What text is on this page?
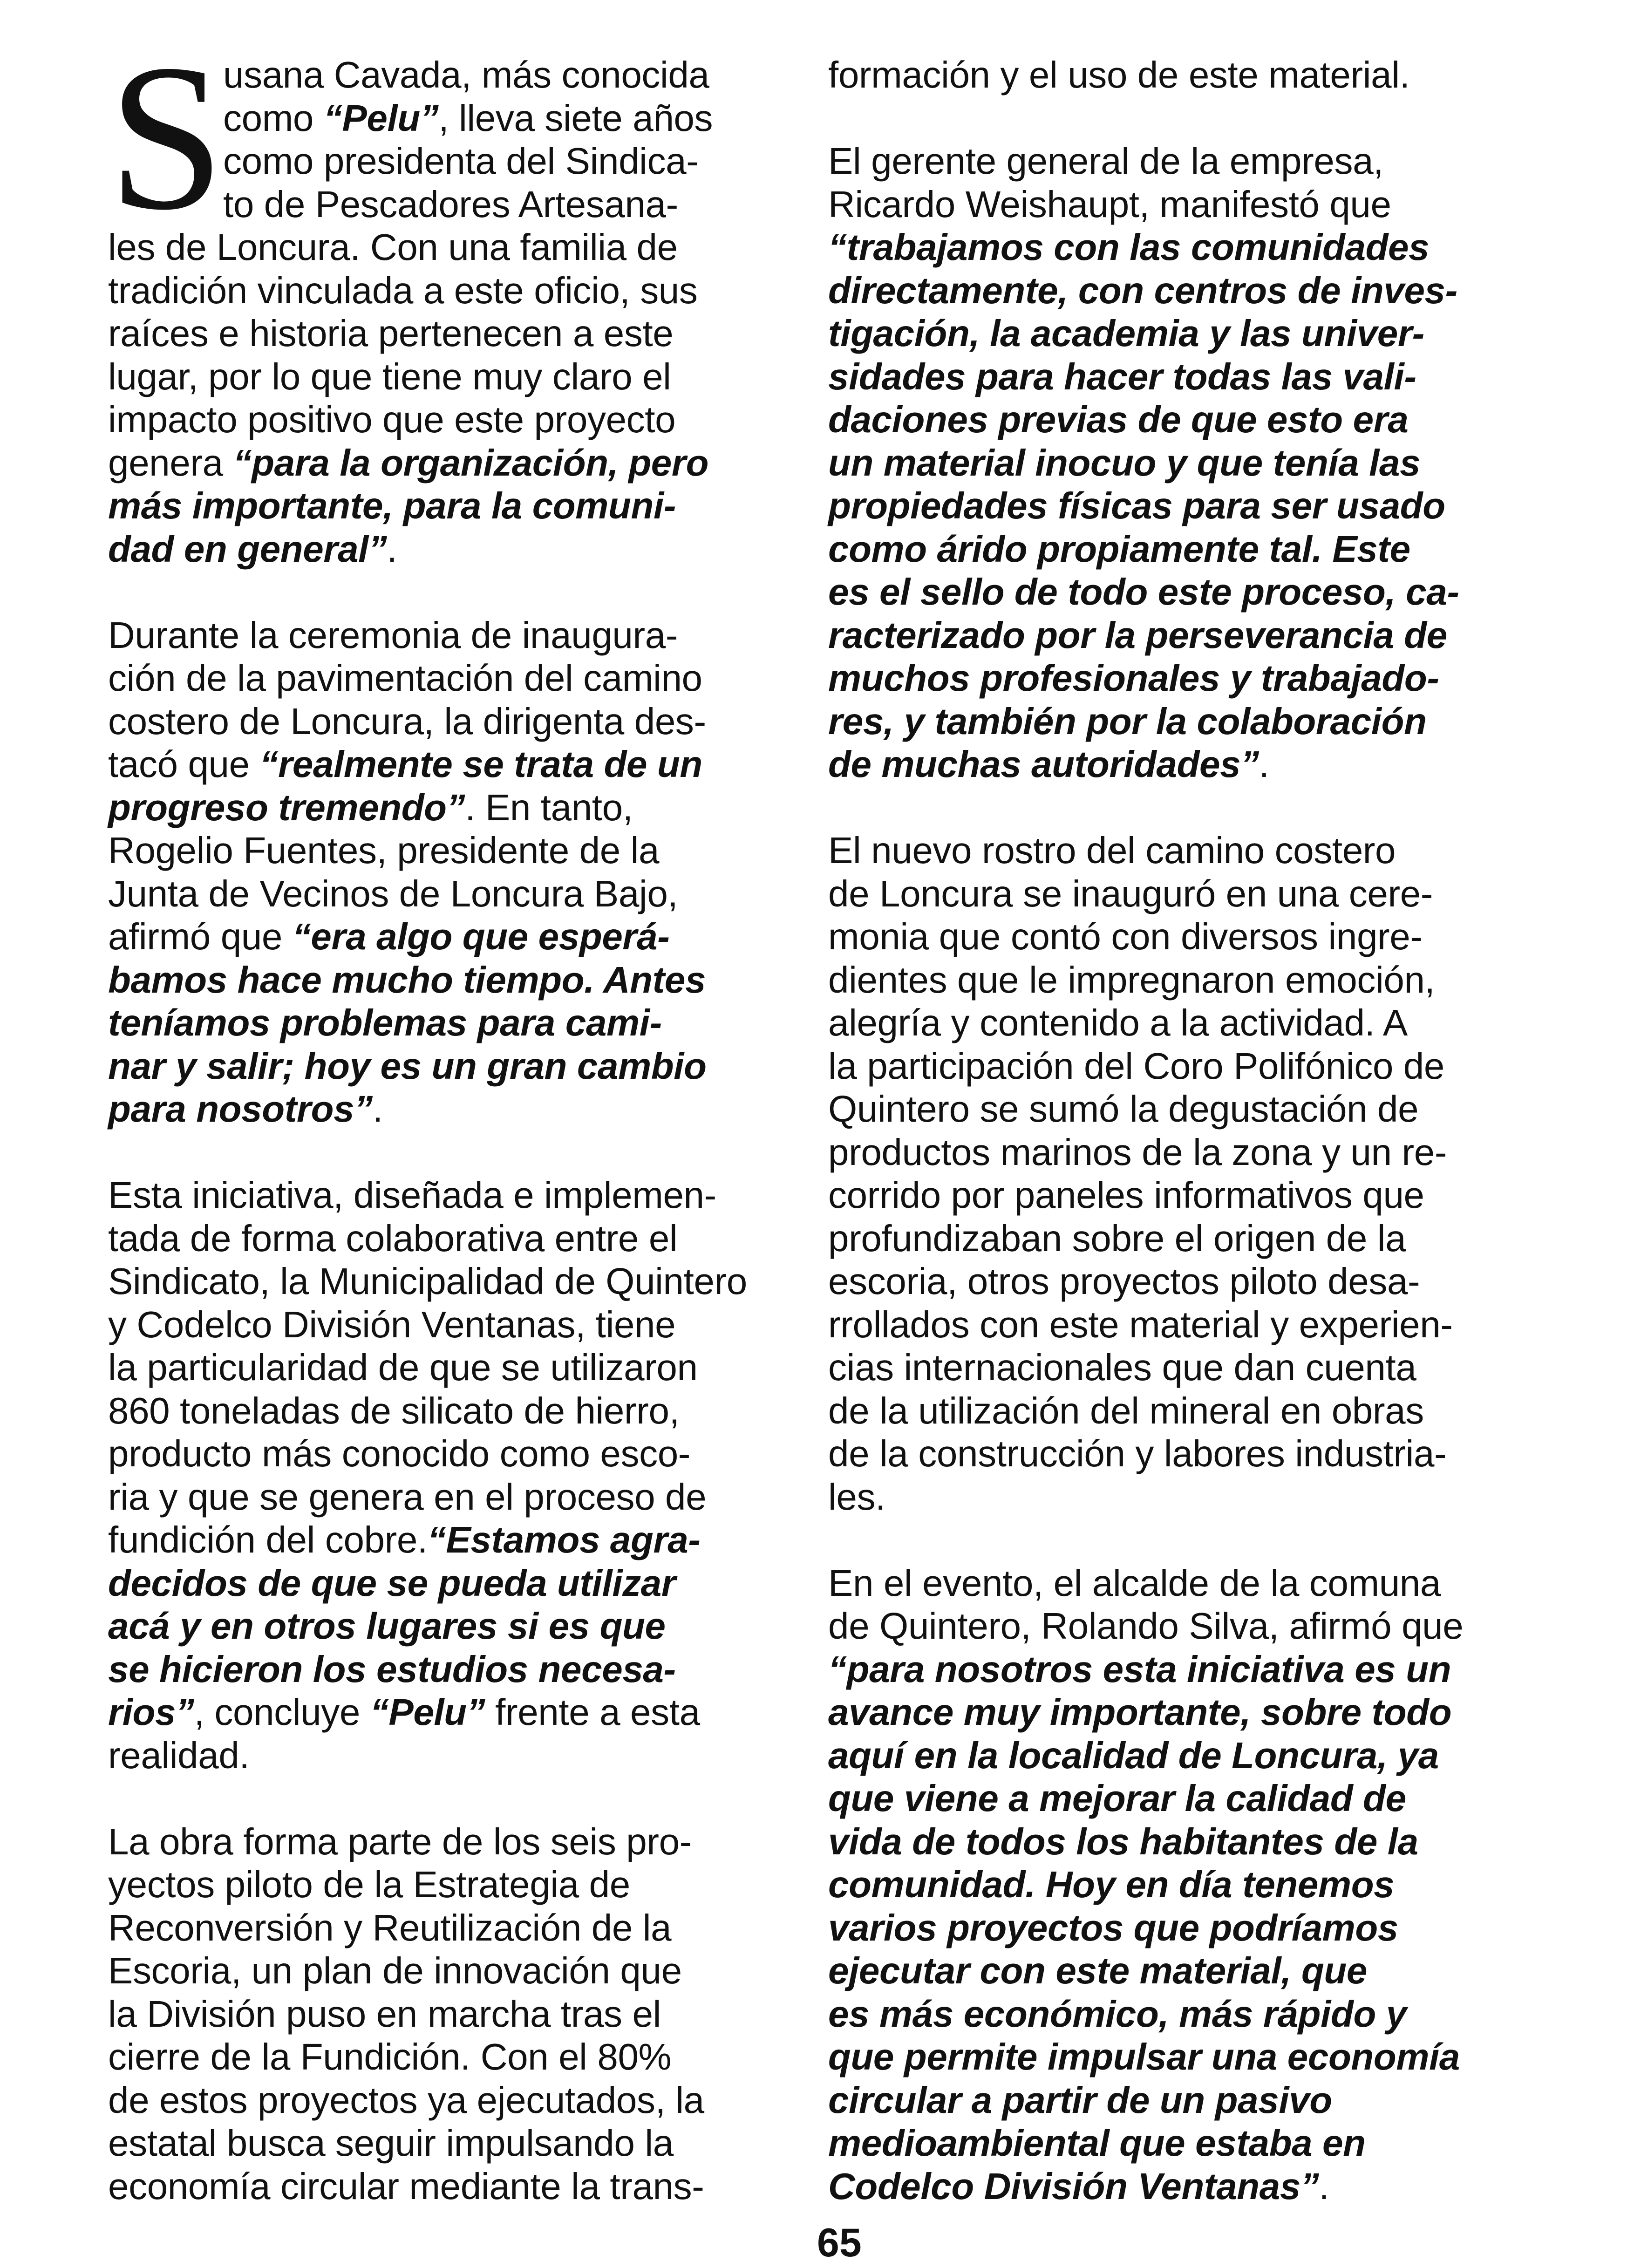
S
usana Cavada, más conocida
como “Pelu”, lleva siete años
como presidenta del Sindica-
to de Pescadores Artesana-
les de Loncura. Con una familia de
tradición vinculada a este oficio, sus
raíces e historia pertenecen a este
lugar, por lo que tiene muy claro el
impacto positivo que este proyecto
genera “para la organización, pero
más importante, para la comuni-
dad en general”.
Durante la ceremonia de inaugura-
ción de la pavimentación del camino
costero de Loncura, la dirigenta des-
tacó que “realmente se trata de un
progreso tremendo”. En tanto,
Rogelio Fuentes, presidente de la
Junta de Vecinos de Loncura Bajo,
afirmó que “era algo que esperá-
bamos hace mucho tiempo. Antes
teníamos problemas para cami-
nar y salir; hoy es un gran cambio
para nosotros”.
Esta iniciativa, diseñada e implemen-
tada de forma colaborativa entre el
Sindicato, la Municipalidad de Quintero
y Codelco División Ventanas, tiene
la particularidad de que se utilizaron
860 toneladas de silicato de hierro,
producto más conocido como esco-
ria y que se genera en el proceso de
fundición del cobre.“Estamos agra-
decidos de que se pueda utilizar
acá y en otros lugares si es que
se hicieron los estudios necesa-
rios”, concluye “Pelu” frente a esta
realidad.
La obra forma parte de los seis pro-
yectos piloto de la Estrategia de
Reconversión y Reutilización de la
Escoria, un plan de innovación que
la División puso en marcha tras el
cierre de la Fundición. Con el 80%
de estos proyectos ya ejecutados, la
estatal busca seguir impulsando la
economía circular mediante la trans-
formación y el uso de este material.
El gerente general de la empresa,
Ricardo Weishaupt, manifestó que
“trabajamos con las comunidades
directamente, con centros de inves-
tigación, la academia y las univer-
sidades para hacer todas las vali-
daciones previas de que esto era
un material inocuo y que tenía las
propiedades físicas para ser usado
como árido propiamente tal. Este
es el sello de todo este proceso, ca-
racterizado por la perseverancia de
muchos profesionales y trabajado-
res, y también por la colaboración
de muchas autoridades”.
El nuevo rostro del camino costero
de Loncura se inauguró en una cere-
monia que contó con diversos ingre-
dientes que le impregnaron emoción,
alegría y contenido a la actividad. A
la participación del Coro Polifónico de
Quintero se sumó la degustación de
productos marinos de la zona y un re-
corrido por paneles informativos que
profundizaban sobre el origen de la
escoria, otros proyectos piloto desa-
rrollados con este material y experien-
cias internacionales que dan cuenta
de la utilización del mineral en obras
de la construcción y labores industria-
les.
En el evento, el alcalde de la comuna
de Quintero, Rolando Silva, afirmó que
“para nosotros esta iniciativa es un
avance muy importante, sobre todo
aquí en la localidad de Loncura, ya
que viene a mejorar la calidad de
vida de todos los habitantes de la
comunidad. Hoy en día tenemos
varios proyectos que podríamos
ejecutar con este material, que
es más económico, más rápido y
que permite impulsar una economía
circular a partir de un pasivo
medioambiental que estaba en
Codelco División Ventanas”.
65
